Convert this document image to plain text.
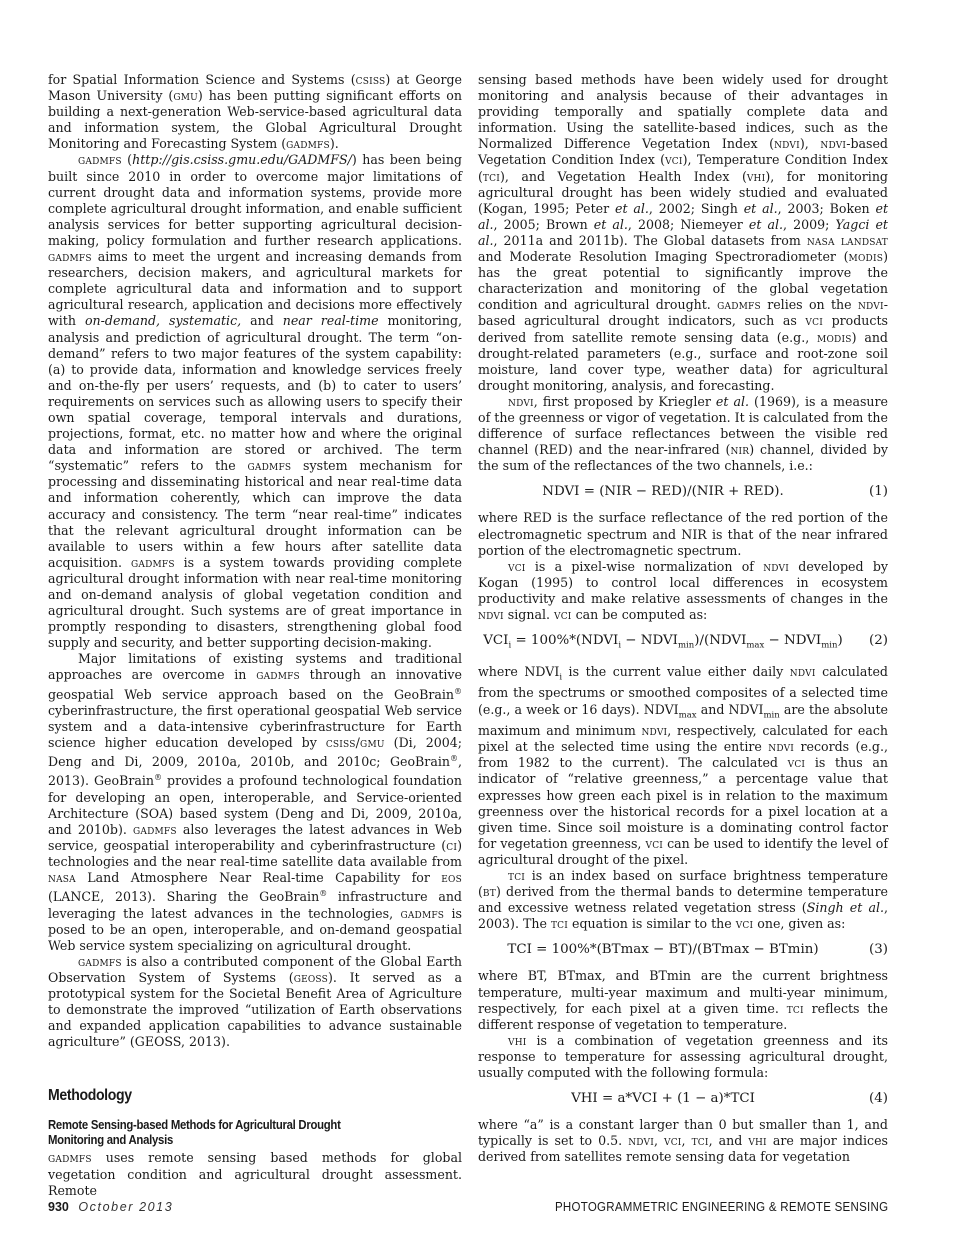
for Spatial Information Science and Systems (csiss) at George Mason University (gmu) has been putting significant efforts on building a next-generation Web-service-based agricultural data and information system, the Global Agricultural Drought Monitoring and Forecasting System (gadmfs).

gadmfs (http://gis.csiss.gmu.edu/GADMFS/) has been being built since 2010 in order to overcome major limitations of current drought data and information systems, provide more complete agricultural drought information, and enable sufficient analysis services for better supporting agricultural decision-making, policy formulation and further research applications. gadmfs aims to meet the urgent and increasing demands from researchers, decision makers, and agricultural markets for complete agricultural data and information and to support agricultural research, application and decisions more effectively with on-demand, systematic, and near real-time monitoring, analysis and prediction of agricultural drought. The term “on-demand” refers to two major features of the system capability: (a) to provide data, information and knowledge services freely and on-the-fly per users’ requests, and (b) to cater to users’ requirements on services such as allowing users to specify their own spatial coverage, temporal intervals and durations, projections, format, etc. no matter how and where the original data and information are stored or archived. The term “systematic” refers to the gadmfs system mechanism for processing and disseminating historical and near real-time data and information coherently, which can improve the data accuracy and consistency. The term “near real-time” indicates that the relevant agricultural drought information can be available to users within a few hours after satellite data acquisition. gadmfs is a system towards providing complete agricultural drought information with near real-time monitoring and on-demand analysis of global vegetation condition and agricultural drought. Such systems are of great importance in promptly responding to disasters, strengthening global food supply and security, and better supporting decision-making.

Major limitations of existing systems and traditional approaches are overcome in gadmfs through an innovative geospatial Web service approach based on the GeoBrain® cyberinfrastructure, the first operational geospatial Web service system and a data-intensive cyberinfrastructure for Earth science higher education developed by csiss/gmu (Di, 2004; Deng and Di, 2009, 2010a, 2010b, and 2010c; GeoBrain®, 2013). GeoBrain® provides a profound technological foundation for developing an open, interoperable, and Service-oriented Architecture (SOA) based system (Deng and Di, 2009, 2010a, and 2010b). gadmfs also leverages the latest advances in Web service, geospatial interoperability and cyberinfrastructure (ci) technologies and the near real-time satellite data available from nasa Land Atmosphere Near Real-time Capability for eos (LANCE, 2013). Sharing the GeoBrain® infrastructure and leveraging the latest advances in the technologies, gadmfs is posed to be an open, interoperable, and on-demand geospatial Web service system specializing on agricultural drought.

gadmfs is also a contributed component of the Global Earth Observation System of Systems (geoss). It served as a prototypical system for the Societal Benefit Area of Agriculture to demonstrate the improved “utilization of Earth observations and expanded application capabilities to advance sustainable agriculture” (GEOSS, 2013).

Methodology
Remote Sensing-based Methods for Agricultural Drought
Monitoring and Analysis

gadmfs uses remote sensing based methods for global vegetation condition and agricultural drought assessment. Remote

sensing based methods have been widely used for drought monitoring and analysis because of their advantages in providing temporally and spatially complete data and information. Using the satellite-based indices, such as the Normalized Difference Vegetation Index (ndvi), ndvi-based Vegetation Condition Index (vci), Temperature Condition Index (tci), and Vegetation Health Index (vhi), for monitoring agricultural drought has been widely studied and evaluated (Kogan, 1995; Peter et al., 2002; Singh et al., 2003; Boken et al., 2005; Brown et al., 2008; Niemeyer et al., 2009; Yagci et al., 2011a and 2011b). The Global datasets from nasa landsat and Moderate Resolution Imaging Spectroradiometer (modis) has the great potential to significantly improve the characterization and monitoring of the global vegetation condition and agricultural drought. gadmfs relies on the ndvi-based agricultural drought indicators, such as vci products derived from satellite remote sensing data (e.g., modis) and drought-related parameters (e.g., surface and root-zone soil moisture, land cover type, weather data) for agricultural drought monitoring, analysis, and forecasting.

ndvi, first proposed by Kriegler et al. (1969), is a measure of the greenness or vigor of vegetation. It is calculated from the difference of surface reflectances between the visible red channel (RED) and the near-infrared (nir) channel, divided by the sum of the reflectances of the two channels, i.e.:

NDVI = (NIR − RED)/(NIR + RED).	(1)

where RED is the surface reflectance of the red portion of the electromagnetic spectrum and NIR is that of the near infrared portion of the electromagnetic spectrum.

vci is a pixel-wise normalization of ndvi developed by Kogan (1995) to control local differences in ecosystem productivity and make relative assessments of changes in the ndvi signal. vci can be computed as:

$VCI_i$ = $100\%*(NDVI_i$ − $NDVI_{min})/(NDVI_{max}$ − $NDVI_{min}$)	(2)

where $NDVI_i$ is the current value either daily ndvi calculated from the spectrums or smoothed composites of a selected time (e.g., a week or 16 days). $NDVI_{max}$ and $NDVI_{min}$ are the absolute maximum and minimum ndvi, respectively, calculated for each pixel at the selected time using the entire ndvi records (e.g., from 1982 to the current). The calculated vci is thus an indicator of “relative greenness,” a percentage value that expresses how green each pixel is in relation to the maximum greenness over the historical records for a pixel location at a given time. Since soil moisture is a dominating control factor for vegetation greenness, vci can be used to identify the level of agricultural drought of the pixel.

tci is an index based on surface brightness temperature (bt) derived from the thermal bands to determine temperature and excessive wetness related vegetation stress (Singh et al., 2003). The tci equation is similar to the vci one, given as:

TCI = 100%*(BTmax − BT)/(BTmax − BTmin)	(3)

where BT, BTmax, and BTmin are the current brightness temperature, multi-year maximum and multi-year minimum, respectively, for each pixel at a given time. tci reflects the different response of vegetation to temperature.

vhi is a combination of vegetation greenness and its response to temperature for assessing agricultural drought, usually computed with the following formula:

VHI = a*VCI + (1 − a)*TCI	(4)

where “a” is a constant larger than 0 but smaller than 1, and typically is set to 0.5. ndvi, vci, tci, and vhi are major indices derived from satellites remote sensing data for vegetation

930 October 2013	PHOTOGRAMMETRIC ENGINEERING & REMOTE SENSING
